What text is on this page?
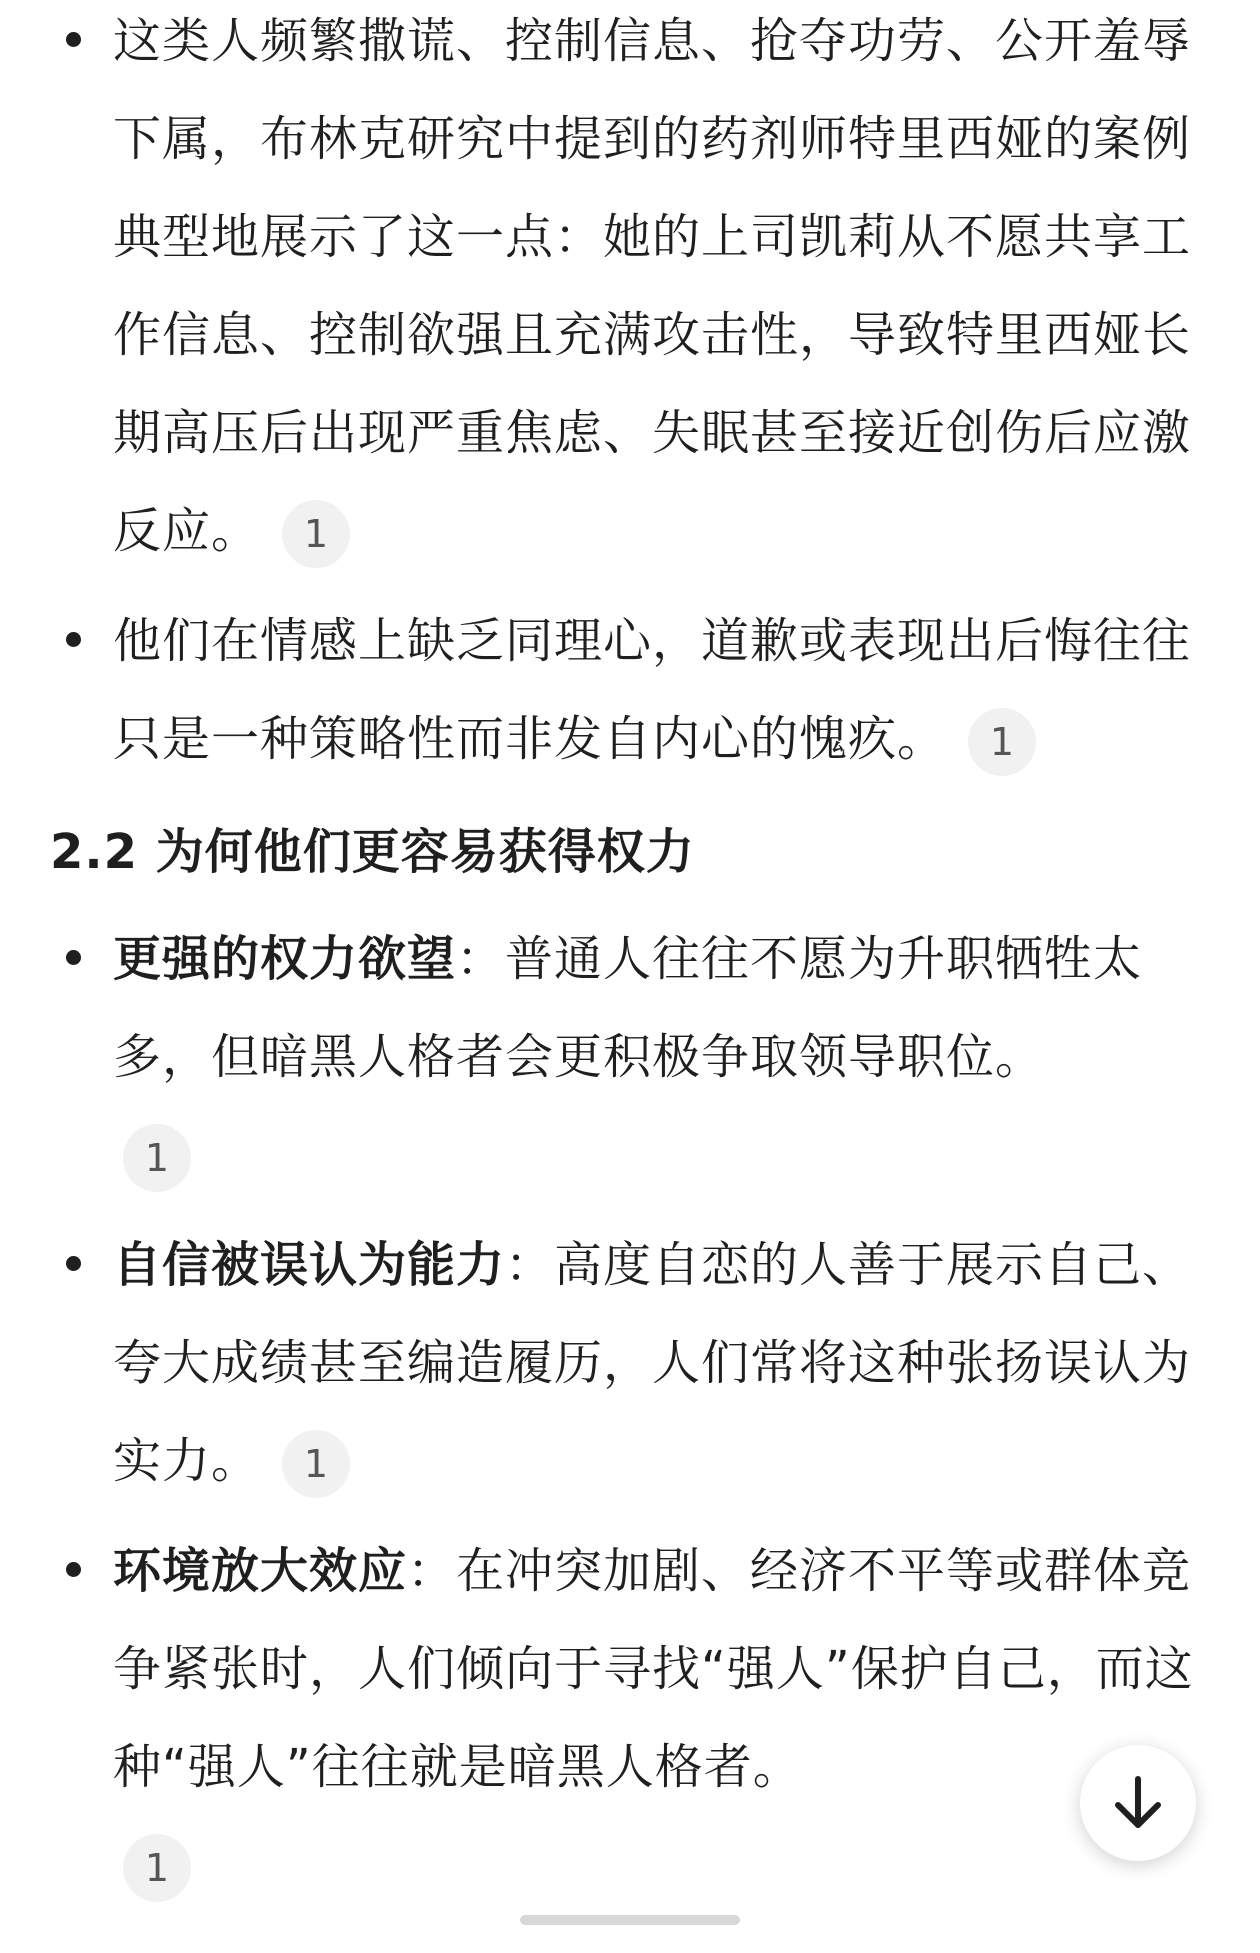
这类人频繁撒谎、控制信息、抢夺功劳、公开羞辱下属，布林克研究中提到的药剂师特里西娅的案例典型地展示了这一点：她的上司凯莉从不愿共享工作信息、控制欲强且充满攻击性，导致特里西娅长期高压后出现严重焦虑、失眠甚至接近创伤后应激反应。 1
他们在情感上缺乏同理心，道歉或表现出后悔往往只是一种策略性而非发自内心的愧疚。 1
2.2 为何他们更容易获得权力
更强的权力欲望：普通人往往不愿为升职牺牲太多，但暗黑人格者会更积极争取领导职位。
1
自信被误认为能力：高度自恋的人善于展示自己、夸大成绩甚至编造履历，人们常将这种张扬误认为实力。 1
环境放大效应：在冲突加剧、经济不平等或群体竞争紧张时，人们倾向于寻找“强人”保护自己，而这种“强人”往往就是暗黑人格者。
1
